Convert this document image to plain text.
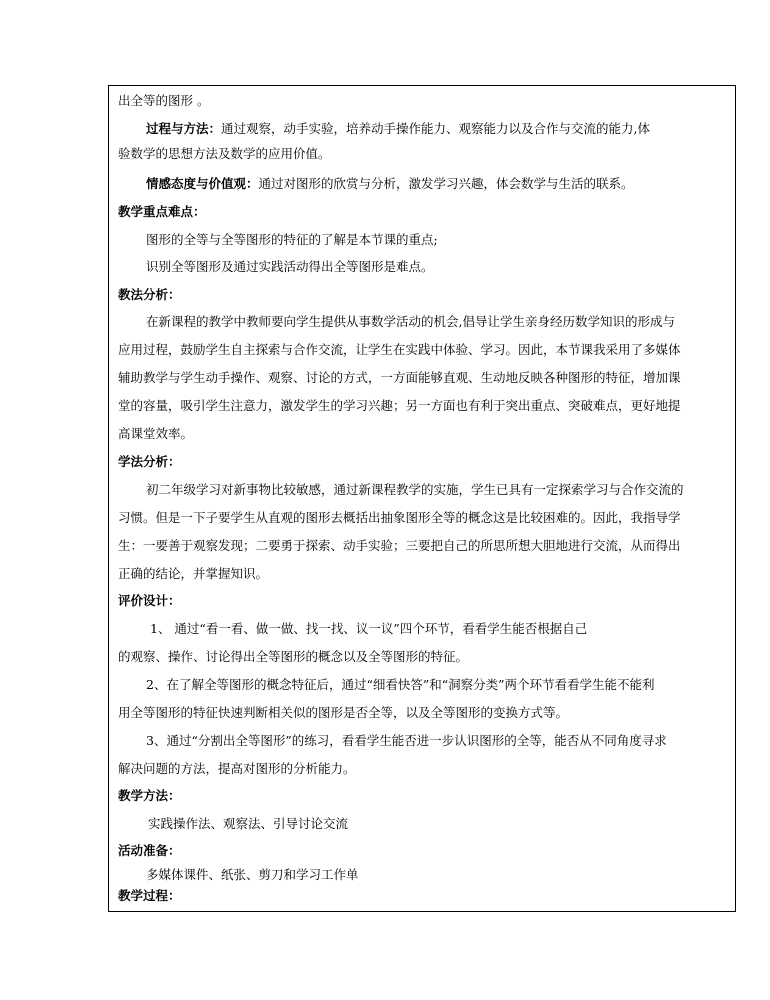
出全等的图形 。
过程与方法：通过观察，动手实验，培养动手操作能力、观察能力以及合作与交流的能力,体
验数学的思想方法及数学的应用价值。
情感态度与价值观：通过对图形的欣赏与分析，激发学习兴趣，体会数学与生活的联系。
教学重点难点：
图形的全等与全等图形的特征的了解是本节课的重点;
识别全等图形及通过实践活动得出全等图形是难点。
教法分析：
在新课程的教学中教师要向学生提供从事数学活动的机会,倡导让学生亲身经历数学知识的形成与
应用过程，鼓励学生自主探索与合作交流，让学生在实践中体验、学习。因此，本节课我采用了多媒体
辅助教学与学生动手操作、观察、讨论的方式，一方面能够直观、生动地反映各种图形的特征，增加课
堂的容量，吸引学生注意力，激发学生的学习兴趣；另一方面也有利于突出重点、突破难点，更好地提
高课堂效率。
学法分析：
初二年级学习对新事物比较敏感，通过新课程教学的实施，学生已具有一定探索学习与合作交流的
习惯。但是一下子要学生从直观的图形去概括出抽象图形全等的概念这是比较困难的。因此，我指导学
生：一要善于观察发现；二要勇于探索、动手实验；三要把自己的所思所想大胆地进行交流，从而得出
正确的结论，并掌握知识。
评价设计：
1、 通过“看一看、做一做、找一找、议一议”四个环节，看看学生能否根据自己
的观察、操作、讨论得出全等图形的概念以及全等图形的特征。
2、在了解全等图形的概念特征后，通过“细看快答”和“洞察分类”两个环节看看学生能不能利
用全等图形的特征快速判断相关似的图形是否全等，以及全等图形的变换方式等。
3、通过“分割出全等图形”的练习，看看学生能否进一步认识图形的全等，能否从不同角度寻求
解决问题的方法，提高对图形的分析能力。
教学方法：
实践操作法、观察法、引导讨论交流
活动准备：
多媒体课件、纸张、剪刀和学习工作单
教学过程：
